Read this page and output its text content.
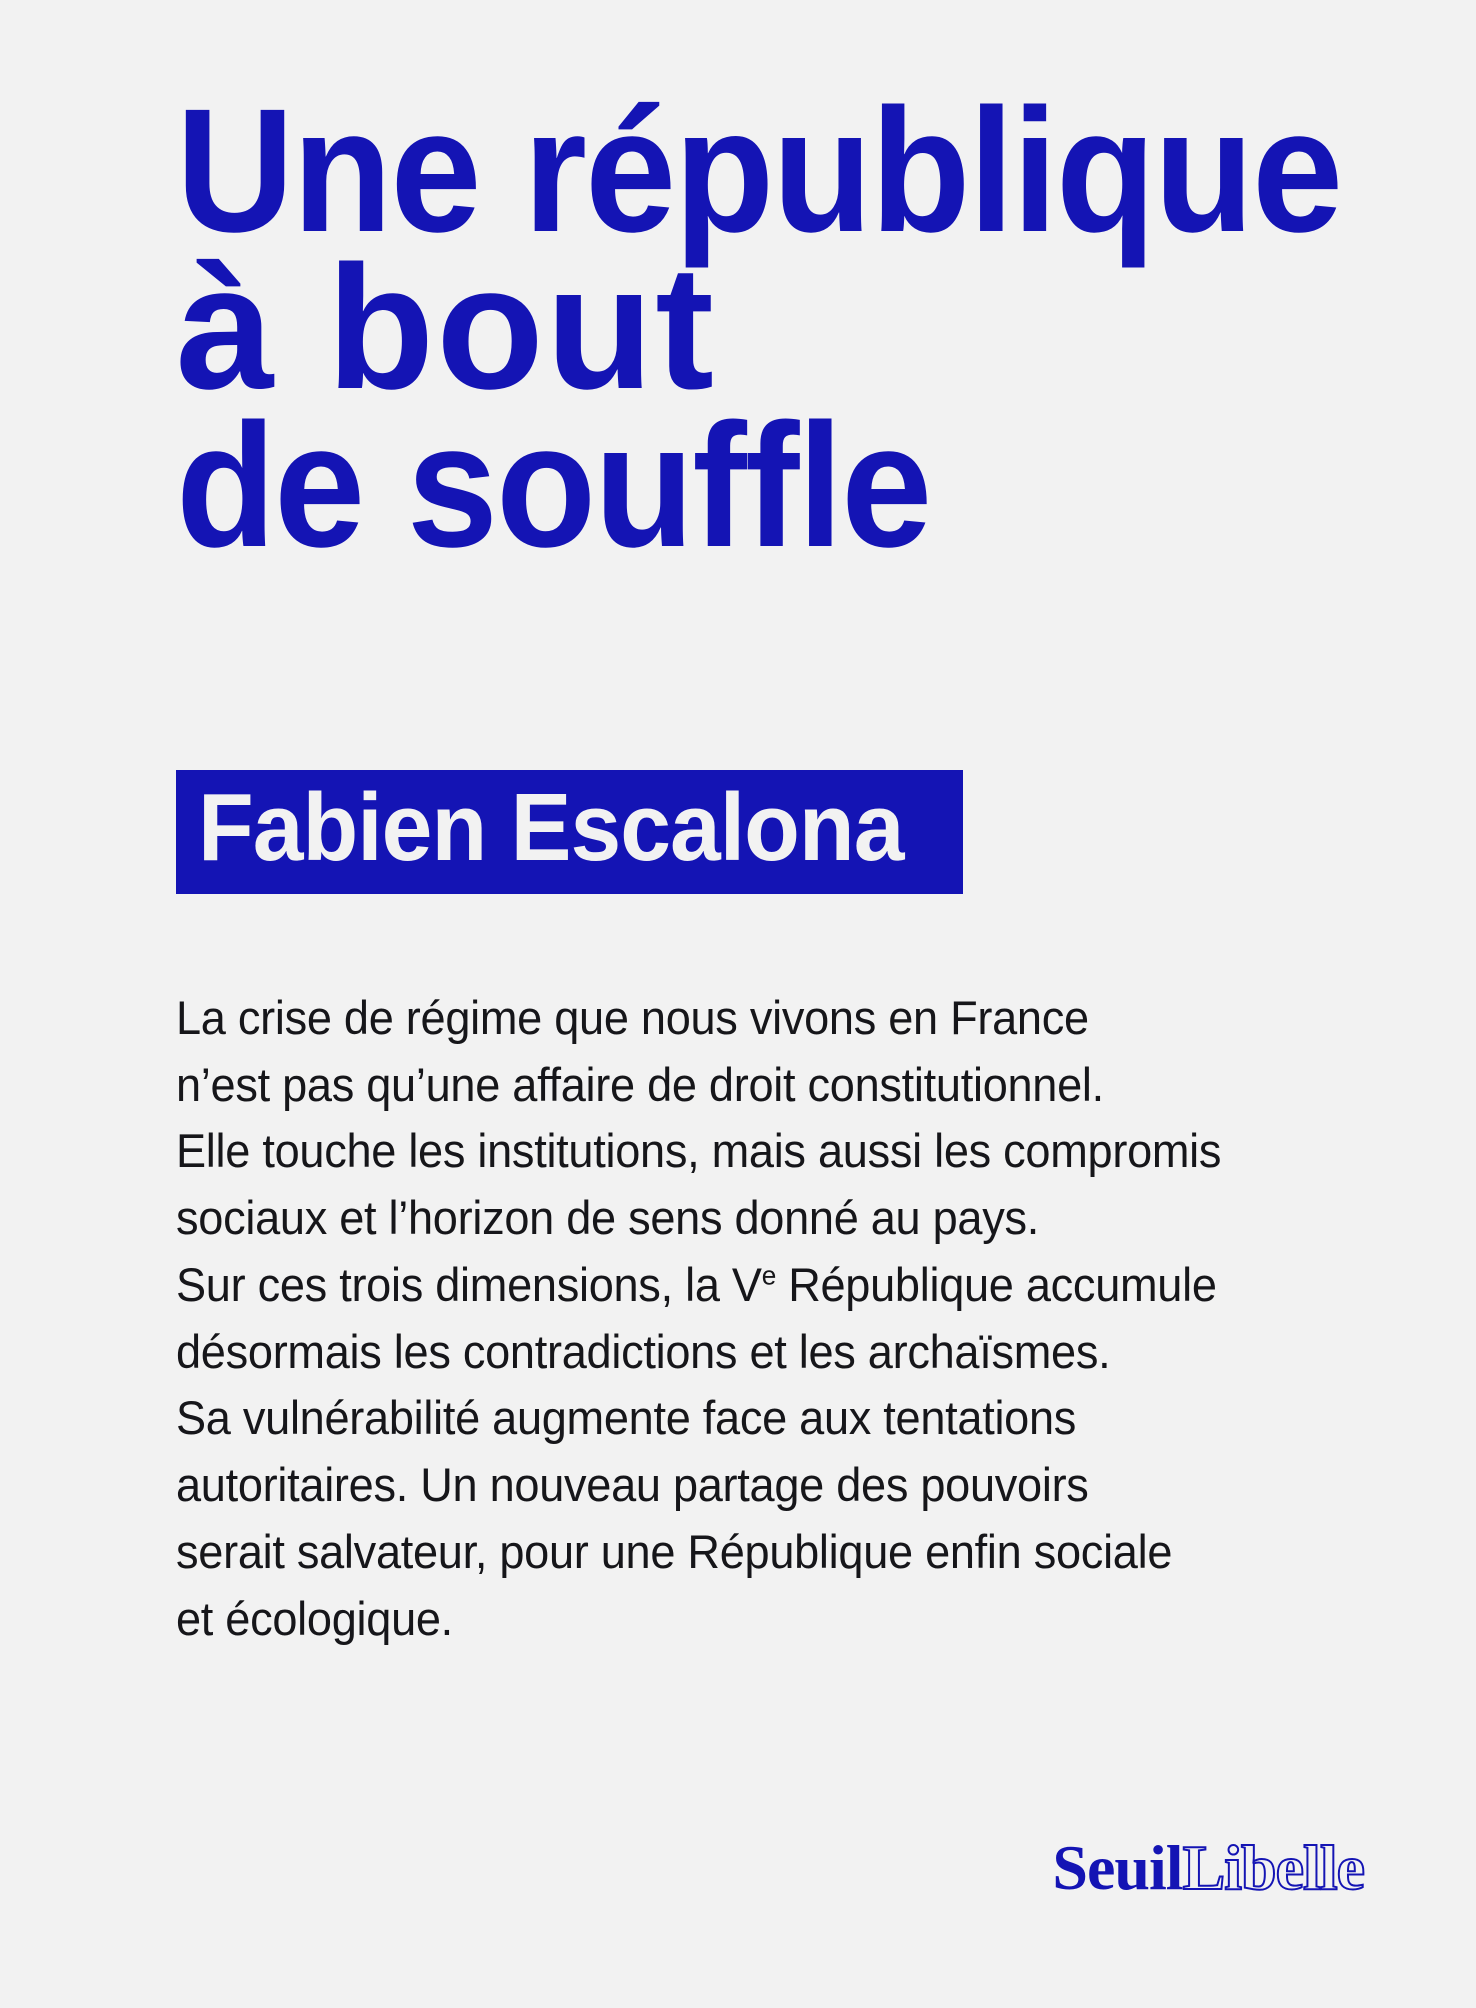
Une république
à bout
de souffle
Fabien Escalona
La crise de régime que nous vivons en France
n’est pas qu’une affaire de droit constitutionnel.
Elle touche les institutions, mais aussi les compromis
sociaux et l’horizon de sens donné au pays.
Sur ces trois dimensions, la Ve République accumule
désormais les contradictions et les archaïsmes.
Sa vulnérabilité augmente face aux tentations
autoritaires. Un nouveau partage des pouvoirs
serait salvateur, pour une République enfin sociale
et écologique.
Seuil Libelle
